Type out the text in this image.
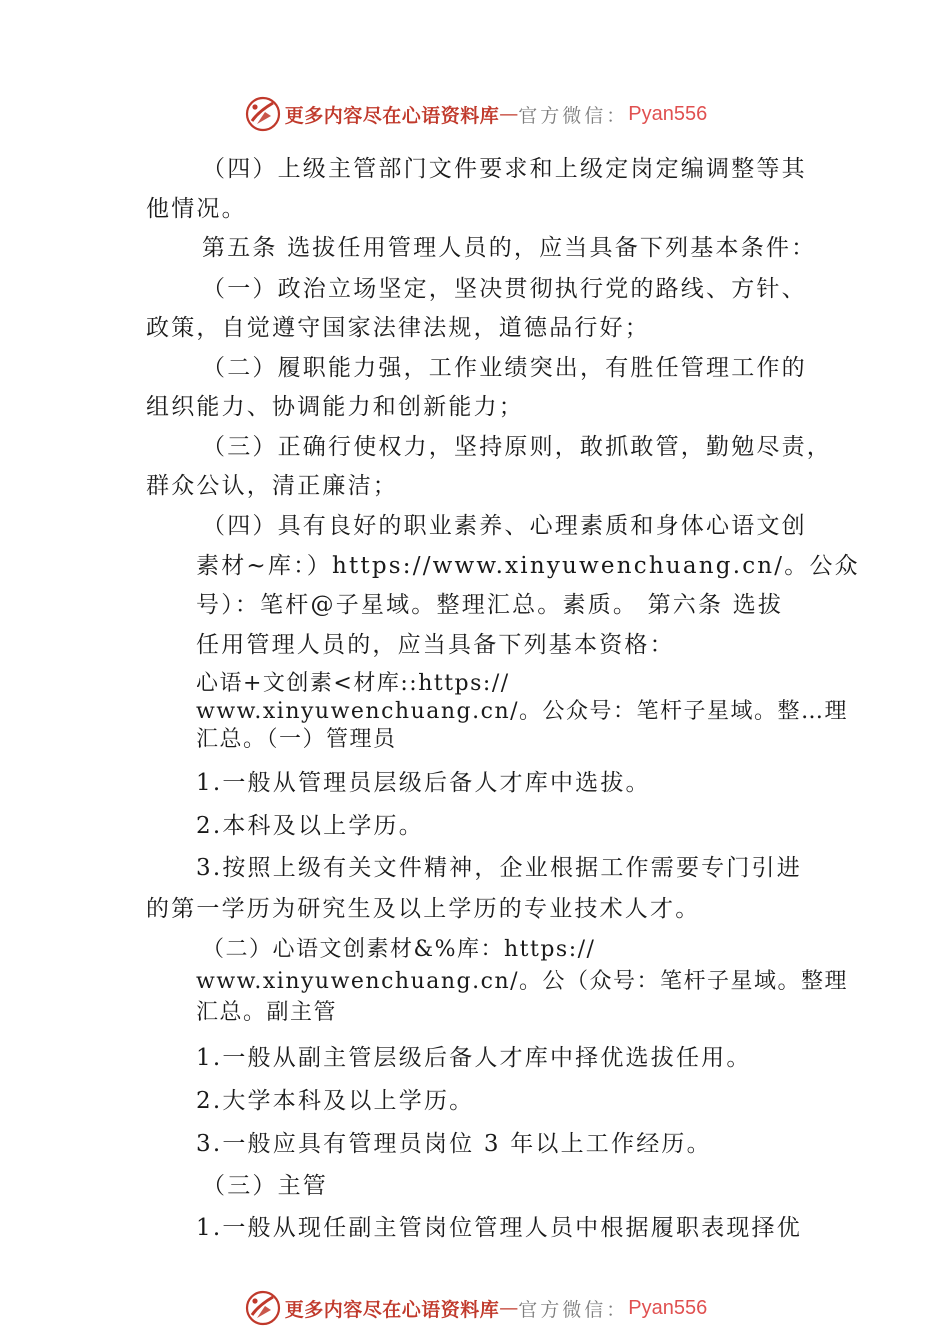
更多内容尽在心语资料库 — 官方微信： Pyan556
（四）上级主管部门文件要求和上级定岗定编调整等其
他情况。
第五条 选拔任用管理人员的，应当具备下列基本条件：
（一）政治立场坚定，坚决贯彻执行党的路线、方针、
政策，自觉遵守国家法律法规，道德品行好；
（二）履职能力强，工作业绩突出，有胜任管理工作的
组织能力、协调能力和创新能力；
（三）正确行使权力，坚持原则，敢抓敢管，勤勉尽责，
群众公认，清正廉洁；
（四）具有良好的职业素养、心理素质和身体心语文创
素材~库：）https://www.xinyuwenchuang.cn/。公众
号）：笔杆@子星域。整理汇总。素质。 第六条 选拔
任用管理人员的，应当具备下列基本资格：
心语+文创素<材库::https://
www.xinyuwenchuang.cn/。公众号：笔杆子星域。整…理
汇总。（一）管理员
1.一般从管理员层级后备人才库中选拔。
2.本科及以上学历。
3.按照上级有关文件精神，企业根据工作需要专门引进
的第一学历为研究生及以上学历的专业技术人才。
（二）心语文创素材&%库：https://
www.xinyuwenchuang.cn/。公（众号：笔杆子星域。整理
汇总。副主管
1.一般从副主管层级后备人才库中择优选拔任用。
2.大学本科及以上学历。
3.一般应具有管理员岗位 3 年以上工作经历。
（三）主管
1.一般从现任副主管岗位管理人员中根据履职表现择优
更多内容尽在心语资料库 — 官方微信： Pyan556
